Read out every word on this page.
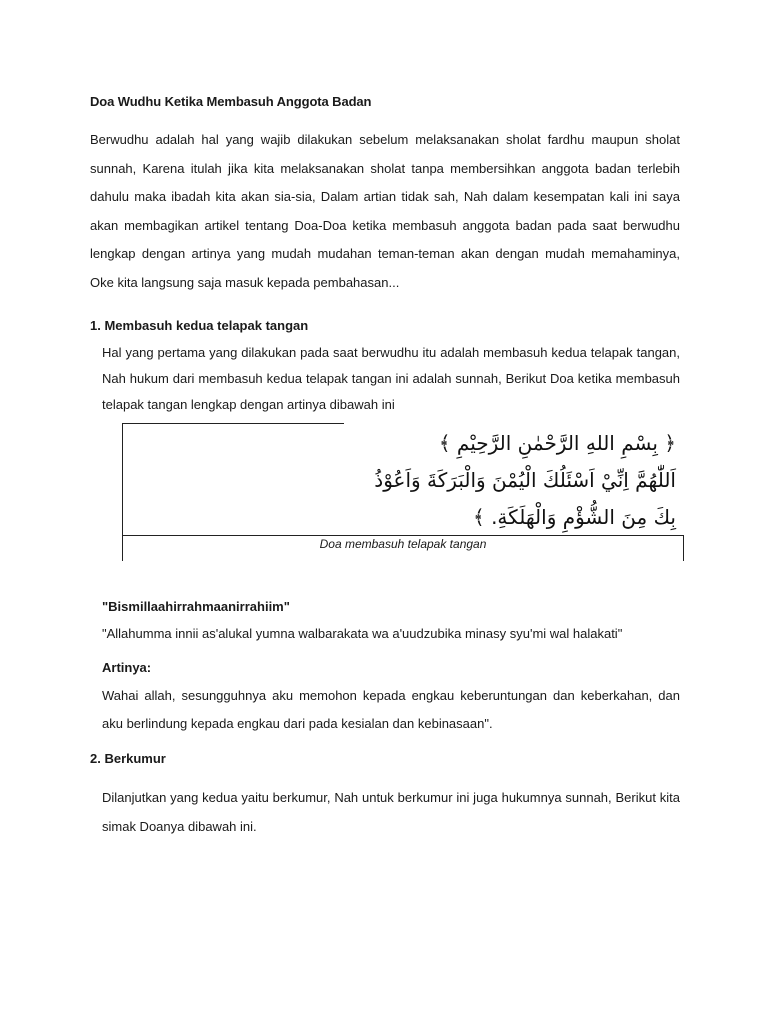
Doa Wudhu Ketika Membasuh Anggota Badan

Berwudhu adalah hal yang wajib dilakukan sebelum melaksanakan sholat fardhu maupun sholat sunnah, Karena itulah jika kita melaksanakan sholat tanpa membersihkan anggota badan terlebih dahulu maka ibadah kita akan sia-sia, Dalam artian tidak sah, Nah dalam kesempatan kali ini saya akan membagikan artikel tentang Doa-Doa ketika membasuh anggota badan pada saat berwudhu lengkap dengan artinya yang mudah mudahan teman-teman akan dengan mudah memahaminya, Oke kita langsung saja masuk kepada pembahasan...

1. Membasuh kedua telapak tangan

Hal yang pertama yang dilakukan pada saat berwudhu itu adalah membasuh kedua telapak tangan, Nah hukum dari membasuh kedua telapak tangan ini adalah sunnah, Berikut Doa ketika membasuh telapak tangan lengkap dengan artinya dibawah ini

﴿ بِسْمِ اللهِ الرَّحْمٰنِ الرَّحِيْمِ ﴾
اَللّٰهُمَّ اِنِّيْ اَسْئَلُكَ الْيُمْنَ وَالْبَرَكَةَ وَاَعُوْذُ
بِكَ مِنَ الشُّؤْمِ وَالْهَلَكَةِ. ﴾
Doa membasuh telapak tangan
"Bismillaahirrahmaanirrahiim"
"Allahumma innii as'alukal yumna walbarakata wa a'uudzubika minasy syu'mi wal halakati"
Artinya:

Wahai allah, sesungguhnya aku memohon kepada engkau keberuntungan dan keberkahan, dan aku berlindung kepada engkau dari pada kesialan dan kebinasaan".

2. Berkumur

Dilanjutkan yang kedua yaitu berkumur, Nah untuk berkumur ini juga hukumnya sunnah, Berikut kita simak Doanya dibawah ini.
